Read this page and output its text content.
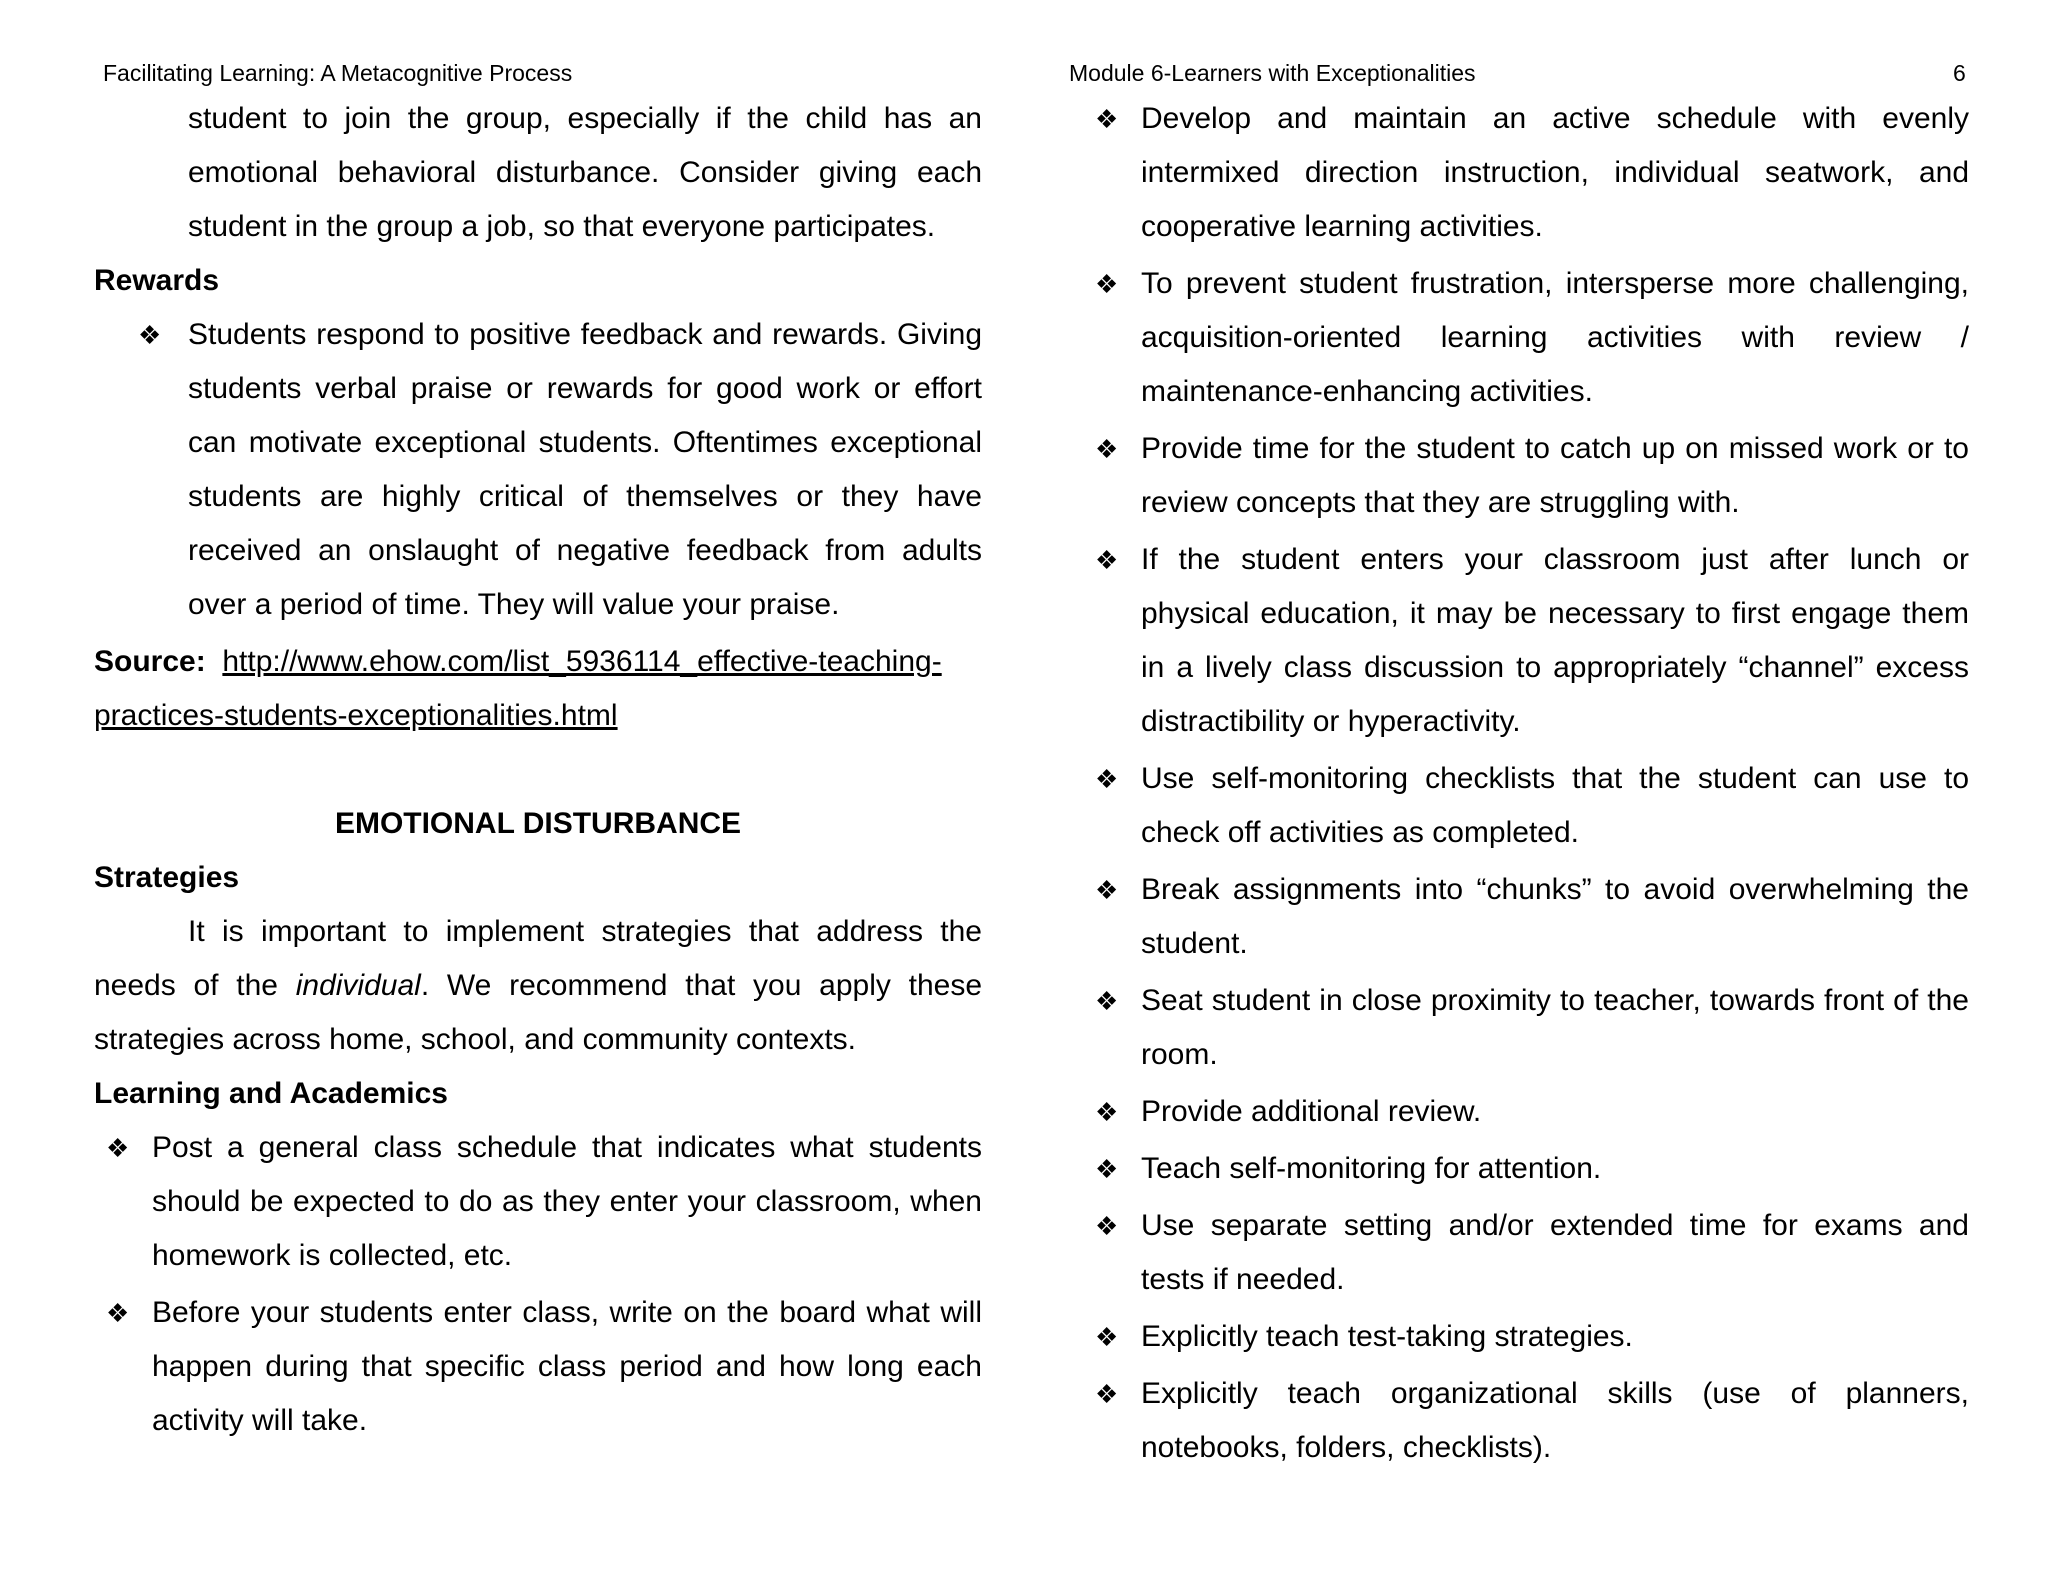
Facilitating Learning: A Metacognitive Process	Module 6-Learners with Exceptionalities	6

student to join the group, especially if the child has an emotional behavioral disturbance. Consider giving each student in the group a job, so that everyone participates.

Rewards

❖ Students respond to positive feedback and rewards. Giving students verbal praise or rewards for good work or effort can motivate exceptional students. Oftentimes exceptional students are highly critical of themselves or they have received an onslaught of negative feedback from adults over a period of time. They will value your praise.

Source: http://www.ehow.com/list_5936114_effective-teaching-practices-students-exceptionalities.html

EMOTIONAL DISTURBANCE

Strategies

It is important to implement strategies that address the needs of the individual. We recommend that you apply these strategies across home, school, and community contexts.

Learning and Academics

❖ Post a general class schedule that indicates what students should be expected to do as they enter your classroom, when homework is collected, etc.
❖ Before your students enter class, write on the board what will happen during that specific class period and how long each activity will take.
❖ Develop and maintain an active schedule with evenly intermixed direction instruction, individual seatwork, and cooperative learning activities.
❖ To prevent student frustration, intersperse more challenging, acquisition-oriented learning activities with review / maintenance-enhancing activities.
❖ Provide time for the student to catch up on missed work or to review concepts that they are struggling with.
❖ If the student enters your classroom just after lunch or physical education, it may be necessary to first engage them in a lively class discussion to appropriately “channel” excess distractibility or hyperactivity.
❖ Use self-monitoring checklists that the student can use to check off activities as completed.
❖ Break assignments into “chunks” to avoid overwhelming the student.
❖ Seat student in close proximity to teacher, towards front of the room.
❖ Provide additional review.
❖ Teach self-monitoring for attention.
❖ Use separate setting and/or extended time for exams and tests if needed.
❖ Explicitly teach test-taking strategies.
❖ Explicitly teach organizational skills (use of planners, notebooks, folders, checklists).
